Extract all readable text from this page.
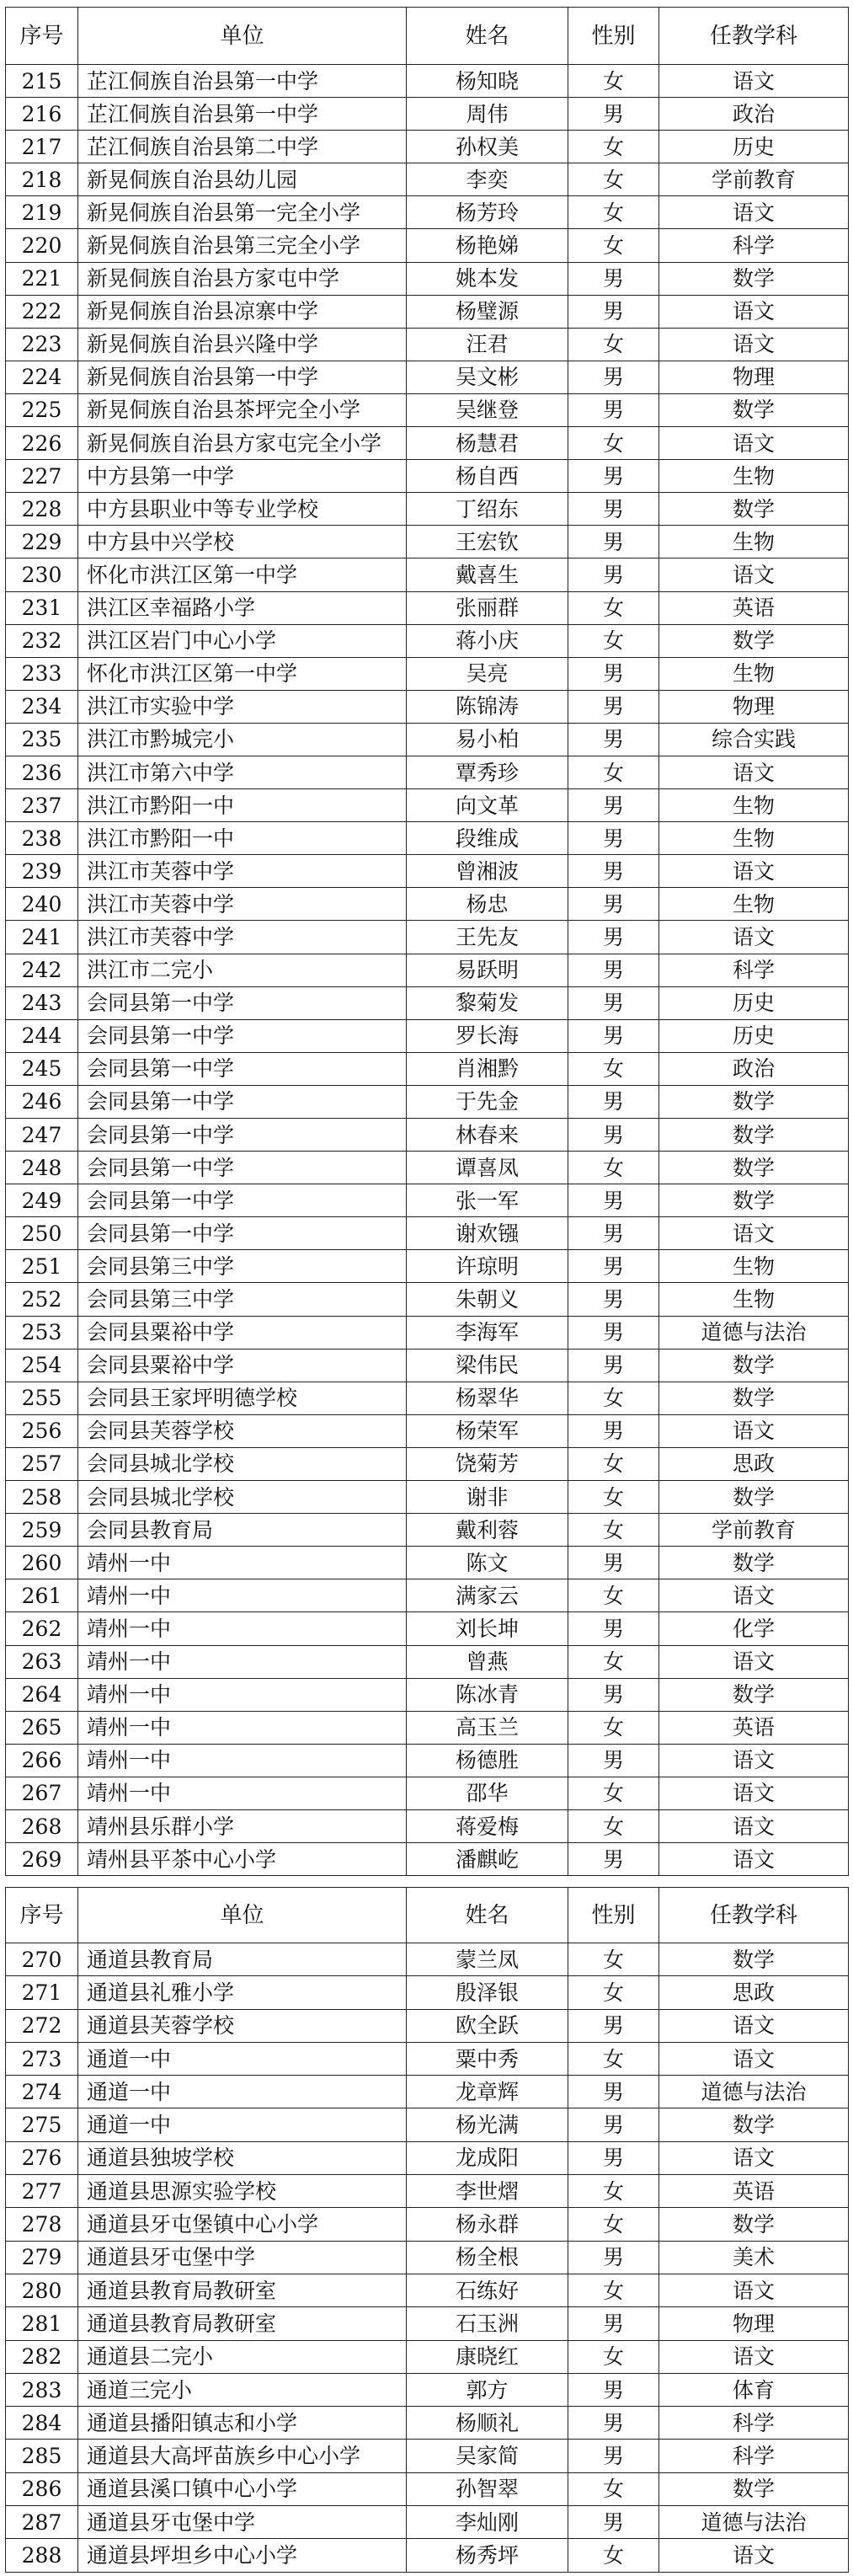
序号	单位	姓名	性别	任教学科
215	芷江侗族自治县第一中学	杨知晓	女	语文
216	芷江侗族自治县第一中学	周伟	男	政治
217	芷江侗族自治县第二中学	孙权美	女	历史
218	新晃侗族自治县幼儿园	李奕	女	学前教育
219	新晃侗族自治县第一完全小学	杨芳玲	女	语文
220	新晃侗族自治县第三完全小学	杨艳娣	女	科学
221	新晃侗族自治县方家屯中学	姚本发	男	数学
222	新晃侗族自治县凉寨中学	杨璧源	男	语文
223	新晃侗族自治县兴隆中学	汪君	女	语文
224	新晃侗族自治县第一中学	吴文彬	男	物理
225	新晃侗族自治县茶坪完全小学	吴继登	男	数学
226	新晃侗族自治县方家屯完全小学	杨慧君	女	语文
227	中方县第一中学	杨自西	男	生物
228	中方县职业中等专业学校	丁绍东	男	数学
229	中方县中兴学校	王宏钦	男	生物
230	怀化市洪江区第一中学	戴喜生	男	语文
231	洪江区幸福路小学	张丽群	女	英语
232	洪江区岩门中心小学	蒋小庆	女	数学
233	怀化市洪江区第一中学	吴亮	男	生物
234	洪江市实验中学	陈锦涛	男	物理
235	洪江市黔城完小	易小柏	男	综合实践
236	洪江市第六中学	覃秀珍	女	语文
237	洪江市黔阳一中	向文革	男	生物
238	洪江市黔阳一中	段维成	男	生物
239	洪江市芙蓉中学	曾湘波	男	语文
240	洪江市芙蓉中学	杨忠	男	生物
241	洪江市芙蓉中学	王先友	男	语文
242	洪江市二完小	易跃明	男	科学
243	会同县第一中学	黎菊发	男	历史
244	会同县第一中学	罗长海	男	历史
245	会同县第一中学	肖湘黔	女	政治
246	会同县第一中学	于先金	男	数学
247	会同县第一中学	林春来	男	数学
248	会同县第一中学	谭喜凤	女	数学
249	会同县第一中学	张一军	男	数学
250	会同县第一中学	谢欢镪	男	语文
251	会同县第三中学	许琼明	男	生物
252	会同县第三中学	朱朝义	男	生物
253	会同县粟裕中学	李海军	男	道德与法治
254	会同县粟裕中学	梁伟民	男	数学
255	会同县王家坪明德学校	杨翠华	女	数学
256	会同县芙蓉学校	杨荣军	男	语文
257	会同县城北学校	饶菊芳	女	思政
258	会同县城北学校	谢非	女	数学
259	会同县教育局	戴利蓉	女	学前教育
260	靖州一中	陈文	男	数学
261	靖州一中	满家云	女	语文
262	靖州一中	刘长坤	男	化学
263	靖州一中	曾燕	女	语文
264	靖州一中	陈冰青	男	数学
265	靖州一中	高玉兰	女	英语
266	靖州一中	杨德胜	男	语文
267	靖州一中	邵华	女	语文
268	靖州县乐群小学	蒋爱梅	女	语文
269	靖州县平茶中心小学	潘麒屹	男	语文
序号	单位	姓名	性别	任教学科
270	通道县教育局	蒙兰凤	女	数学
271	通道县礼雅小学	殷泽银	女	思政
272	通道县芙蓉学校	欧全跃	男	语文
273	通道一中	粟中秀	女	语文
274	通道一中	龙章辉	男	道德与法治
275	通道一中	杨光满	男	数学
276	通道县独坡学校	龙成阳	男	语文
277	通道县思源实验学校	李世熠	女	英语
278	通道县牙屯堡镇中心小学	杨永群	女	数学
279	通道县牙屯堡中学	杨全根	男	美术
280	通道县教育局教研室	石练好	女	语文
281	通道县教育局教研室	石玉洲	男	物理
282	通道县二完小	康晓红	女	语文
283	通道三完小	郭方	男	体育
284	通道县播阳镇志和小学	杨顺礼	男	科学
285	通道县大高坪苗族乡中心小学	吴家简	男	科学
286	通道县溪口镇中心小学	孙智翠	女	数学
287	通道县牙屯堡中学	李灿刚	男	道德与法治
288	通道县坪坦乡中心小学	杨秀坪	女	语文
